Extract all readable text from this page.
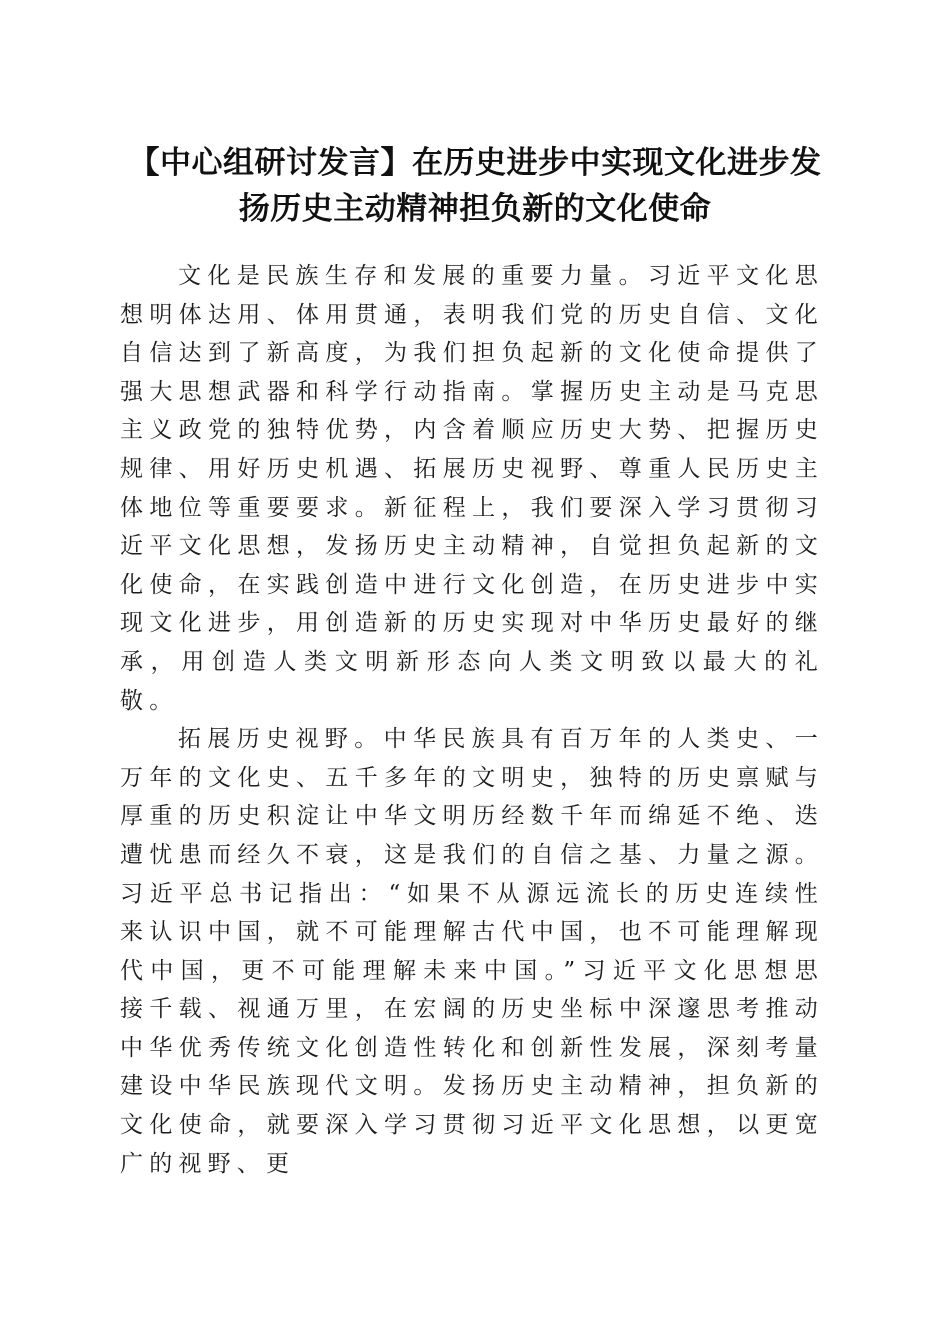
【中心组研讨发言】在历史进步中实现文化进步发扬历史主动精神担负新的文化使命

文化是民族生存和发展的重要力量。习近平文化思想明体达用、体用贯通，表明我们党的历史自信、文化自信达到了新高度，为我们担负起新的文化使命提供了强大思想武器和科学行动指南。掌握历史主动是马克思主义政党的独特优势，内含着顺应历史大势、把握历史规律、用好历史机遇、拓展历史视野、尊重人民历史主体地位等重要要求。新征程上，我们要深入学习贯彻习近平文化思想，发扬历史主动精神，自觉担负起新的文化使命，在实践创造中进行文化创造，在历史进步中实现文化进步，用创造新的历史实现对中华历史最好的继承，用创造人类文明新形态向人类文明致以最大的礼敬。

拓展历史视野。中华民族具有百万年的人类史、一万年的文化史、五千多年的文明史，独特的历史禀赋与厚重的历史积淀让中华文明历经数千年而绵延不绝、迭遭忧患而经久不衰，这是我们的自信之基、力量之源。习近平总书记指出：“如果不从源远流长的历史连续性来认识中国，就不可能理解古代中国，也不可能理解现代中国，更不可能理解未来中国。”习近平文化思想思接千载、视通万里，在宏阔的历史坐标中深邃思考推动中华优秀传统文化创造性转化和创新性发展，深刻考量建设中华民族现代文明。发扬历史主动精神，担负新的文化使命，就要深入学习贯彻习近平文化思想，以更宽广的视野、更
